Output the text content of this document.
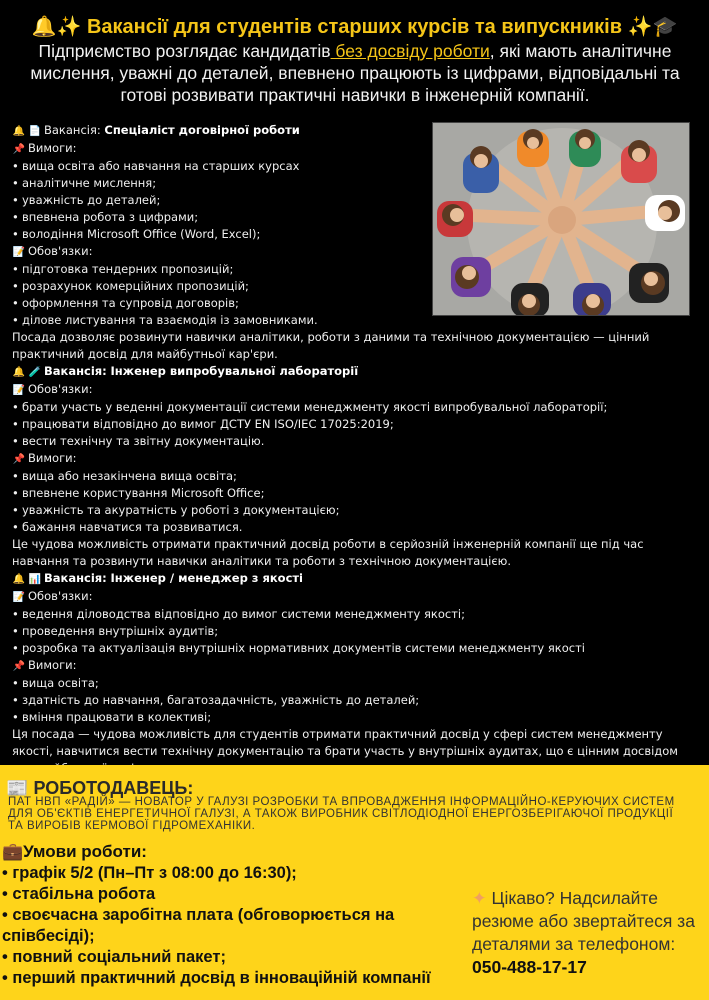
🔔✨ Вакансії для студентів старших курсів та випускників ✨🎓
Підприємство розглядає кандидатів без досвіду роботи, які мають аналітичне мислення, уважні до деталей, впевнено працюють із цифрами, відповідальні та готові розвивати практичні навички в інженерній компанії.
🔔 📄 Вакансія: Спеціаліст договірної роботи
📌 Вимоги:
• вища освіта або навчання на старших курсах
• аналітичне мислення;
• уважність до деталей;
• впевнена робота з цифрами;
• володіння Microsoft Office (Word, Excel);
📝 Обов'язки:
• підготовка тендерних пропозицій;
• розрахунок комерційних пропозицій;
• оформлення та супровід договорів;
• ділове листування та взаємодія із замовниками.
Посада дозволяє розвинути навички аналітики, роботи з даними та технічною документацією — цінний практичний досвід для майбутньої кар'єри.
🔔 🧪 Вакансія: Інженер випробувальної лабораторії
📝 Обов'язки:
• брати участь у веденні документації системи менеджменту якості випробувальної лабораторії;
• працювати відповідно до вимог ДСТУ EN ISO/IEC 17025:2019;
• вести технічну та звітну документацію.
📌 Вимоги:
• вища або незакінчена вища освіта;
• впевнене користування Microsoft Office;
• уважність та акуратність у роботі з документацією;
• бажання навчатися та розвиватися.
Це чудова можливість отримати практичний досвід роботи в серйозній інженерній компанії ще під час навчання та розвинути навички аналітики та роботи з технічною документацією.
🔔 📊 Вакансія: Інженер / менеджер з якості
📝 Обов'язки:
• ведення діловодства відповідно до вимог системи менеджменту якості;
• проведення внутрішніх аудитів;
• розробка та актуалізація внутрішніх нормативних документів системи менеджменту якості
📌 Вимоги:
• вища освіта;
• здатність до навчання, багатозадачність, уважність до деталей;
• вміння працювати в колективі;
Ця посада — чудова можливість для студентів отримати практичний досвід у сфері систем менеджменту якості, навчитися вести технічну документацію та брати участь у внутрішніх аудитах, що є цінним досвідом
📰 РОБОТОДАВЕЦЬ:
ПАТ НВП «РАДІЙ» — НОВАТОР У ГАЛУЗІ РОЗРОБКИ ТА ВПРОВАДЖЕННЯ ІНФОРМАЦІЙНО-КЕРУЮЧИХ СИСТЕМ ДЛЯ ОБ'ЄКТІВ ЕНЕРГЕТИЧНОЇ ГАЛУЗІ, А ТАКОЖ ВИРОБНИК СВІТЛОДІОДНОЇ ЕНЕРГОЗБЕРІГАЮЧОЇ ПРОДУКЦІЇ ТА ВИРОБІВ КЕРМОВОЇ ГІДРОМЕХАНІКИ.
💼Умови роботи:
• графік 5/2 (Пн–Пт з 08:00 до 16:30);
• стабільна робота
• своєчасна заробітна плата (обговорюється на співбесіді);
• повний соціальний пакет;
• перший практичний досвід в інноваційній компанії
✦ Цікаво? Надсилайте резюме або звертайтеся за деталями за телефоном:
050-488-17-17
